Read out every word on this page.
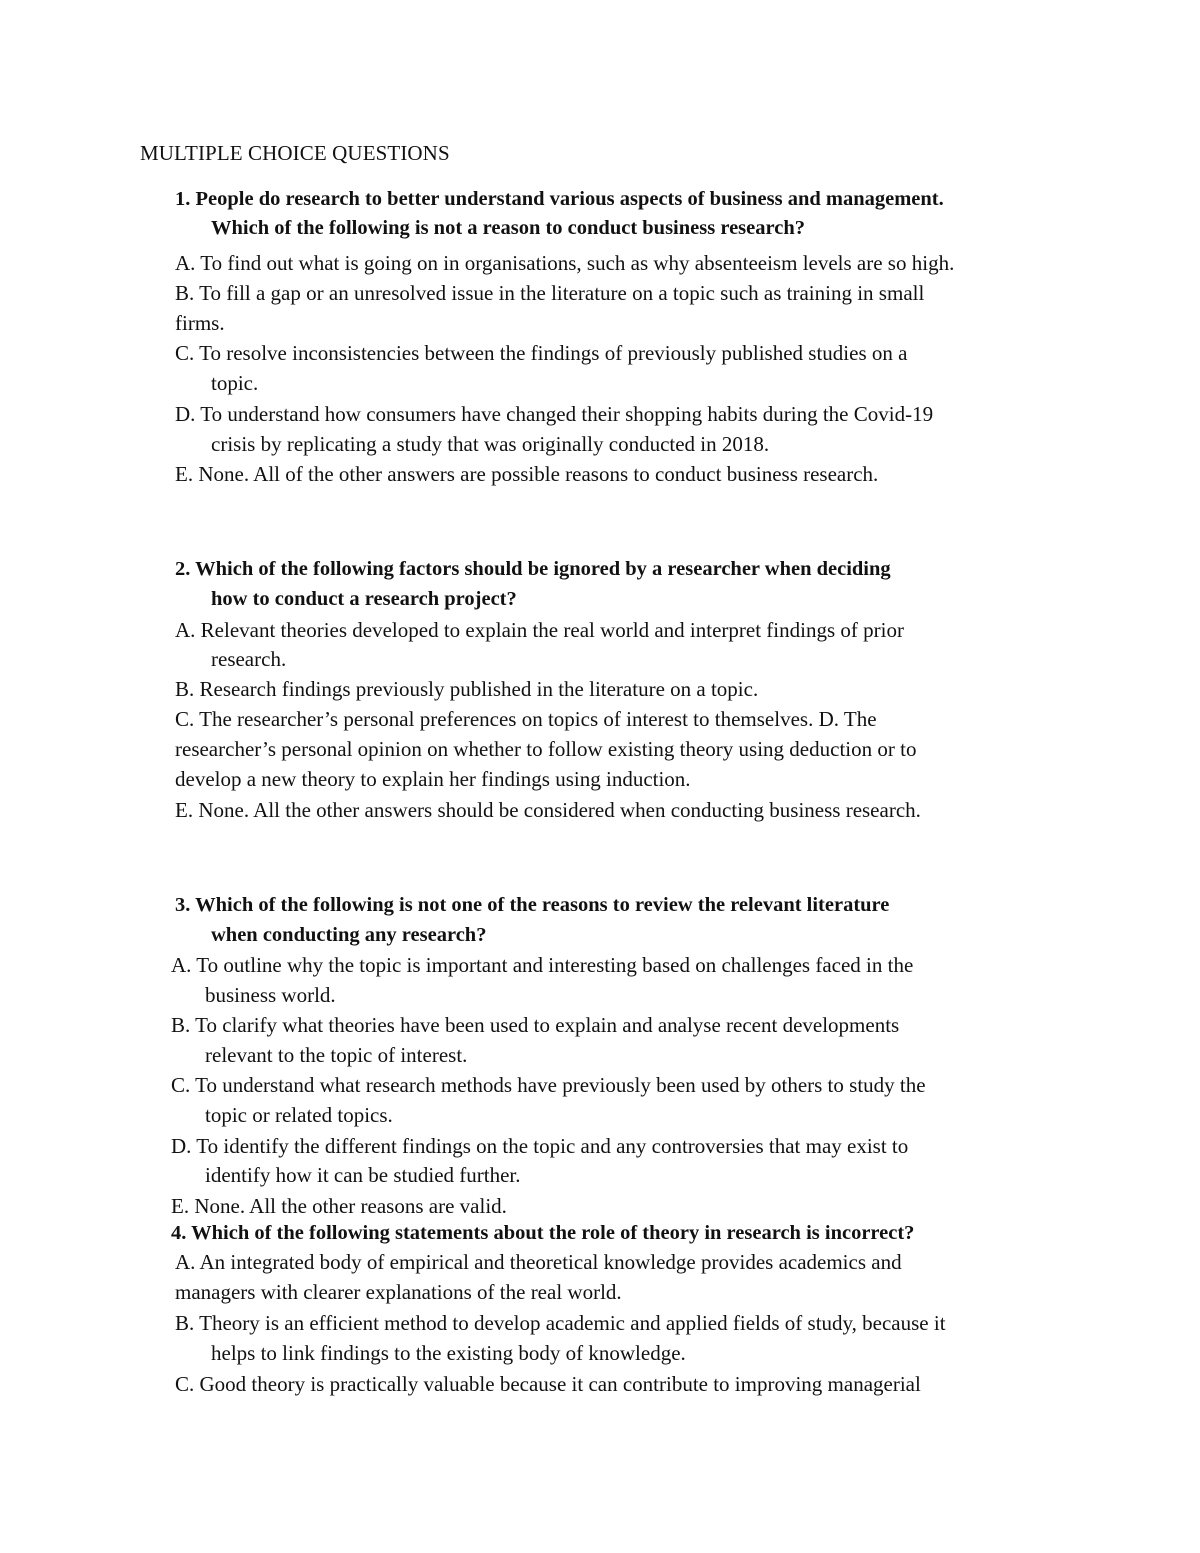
MULTIPLE CHOICE QUESTIONS
1. People do research to better understand various aspects of business and management.
Which of the following is not a reason to conduct business research?
A. To find out what is going on in organisations, such as why absenteeism levels are so high.
B. To fill a gap or an unresolved issue in the literature on a topic such as training in small
firms.
C. To resolve inconsistencies between the findings of previously published studies on a
topic.
D. To understand how consumers have changed their shopping habits during the Covid-19
crisis by replicating a study that was originally conducted in 2018.
E. None. All of the other answers are possible reasons to conduct business research.
2. Which of the following factors should be ignored by a researcher when deciding
how to conduct a research project?
A. Relevant theories developed to explain the real world and interpret findings of prior
research.
B. Research findings previously published in the literature on a topic.
C. The researcher’s personal preferences on topics of interest to themselves. D. The
researcher’s personal opinion on whether to follow existing theory using deduction or to
develop a new theory to explain her findings using induction.
E. None. All the other answers should be considered when conducting business research.
3. Which of the following is not one of the reasons to review the relevant literature
when conducting any research?
A. To outline why the topic is important and interesting based on challenges faced in the
business world.
B. To clarify what theories have been used to explain and analyse recent developments
relevant to the topic of interest.
C. To understand what research methods have previously been used by others to study the
topic or related topics.
D. To identify the different findings on the topic and any controversies that may exist to
identify how it can be studied further.
E. None. All the other reasons are valid.
4. Which of the following statements about the role of theory in research is incorrect?
A. An integrated body of empirical and theoretical knowledge provides academics and
managers with clearer explanations of the real world.
B. Theory is an efficient method to develop academic and applied fields of study, because it
helps to link findings to the existing body of knowledge.
C. Good theory is practically valuable because it can contribute to improving managerial
